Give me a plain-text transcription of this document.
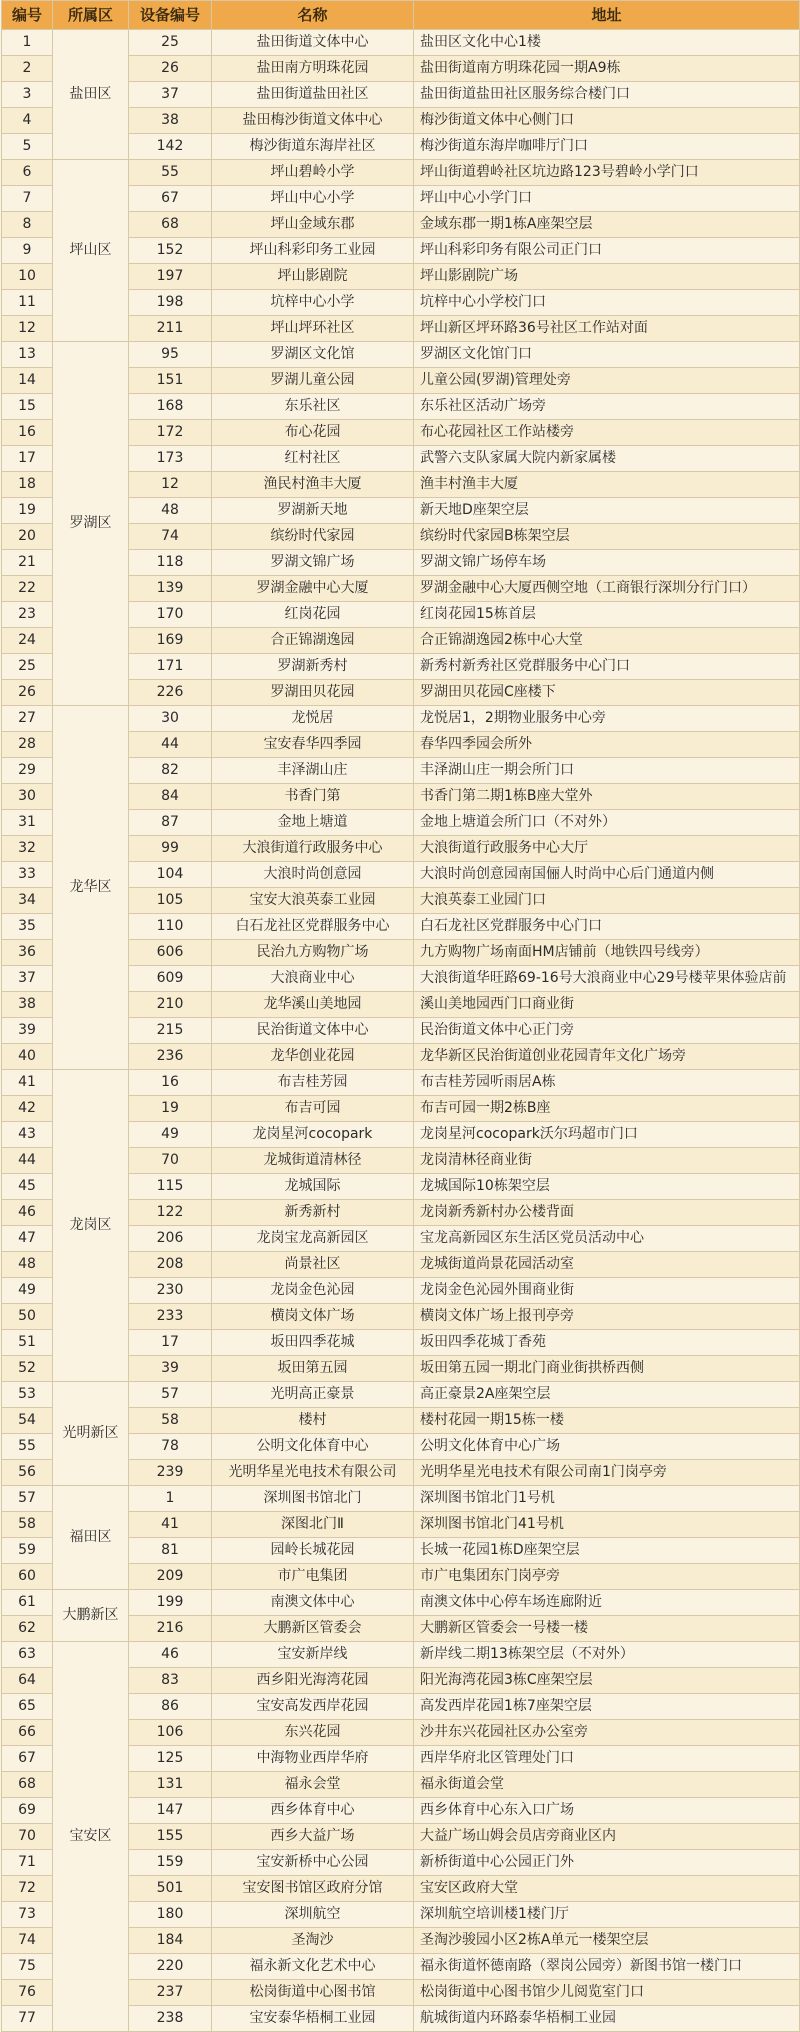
编号	所属区	设备编号	名称	地址
1	盐田区	25	盐田街道文体中心	盐田区文化中心1楼
2		26	盐田南方明珠花园	盐田街道南方明珠花园一期A9栋
3		37	盐田街道盐田社区	盐田街道盐田社区服务综合楼门口
4		38	盐田梅沙街道文体中心	梅沙街道文体中心侧门口
5		142	梅沙街道东海岸社区	梅沙街道东海岸咖啡厅门口
6	坪山区	55	坪山碧岭小学	坪山街道碧岭社区坑边路123号碧岭小学门口
7		67	坪山中心小学	坪山中心小学门口
8		68	坪山金域东郡	金域东郡一期1栋A座架空层
9		152	坪山科彩印务工业园	坪山科彩印务有限公司正门口
10		197	坪山影剧院	坪山影剧院广场
11		198	坑梓中心小学	坑梓中心小学校门口
12		211	坪山坪环社区	坪山新区坪环路36号社区工作站对面
13	罗湖区	95	罗湖区文化馆	罗湖区文化馆门口
14		151	罗湖儿童公园	儿童公园(罗湖)管理处旁
15		168	东乐社区	东乐社区活动广场旁
16		172	布心花园	布心花园社区工作站楼旁
17		173	红村社区	武警六支队家属大院内新家属楼
18		12	渔民村渔丰大厦	渔丰村渔丰大厦
19		48	罗湖新天地	新天地D座架空层
20		74	缤纷时代家园	缤纷时代家园B栋架空层
21		118	罗湖文锦广场	罗湖文锦广场停车场
22		139	罗湖金融中心大厦	罗湖金融中心大厦西侧空地（工商银行深圳分行门口）
23		170	红岗花园	红岗花园15栋首层
24		169	合正锦湖逸园	合正锦湖逸园2栋中心大堂
25		171	罗湖新秀村	新秀村新秀社区党群服务中心门口
26		226	罗湖田贝花园	罗湖田贝花园C座楼下
27	龙华区	30	龙悦居	龙悦居1，2期物业服务中心旁
28		44	宝安春华四季园	春华四季园会所外
29		82	丰泽湖山庄	丰泽湖山庄一期会所门口
30		84	书香门第	书香门第二期1栋B座大堂外
31		87	金地上塘道	金地上塘道会所门口（不对外）
32		99	大浪街道行政服务中心	大浪街道行政服务中心大厅
33		104	大浪时尚创意园	大浪时尚创意园南国俪人时尚中心后门通道内侧
34		105	宝安大浪英泰工业园	大浪英泰工业园门口
35		110	白石龙社区党群服务中心	白石龙社区党群服务中心门口
36		606	民治九方购物广场	九方购物广场南面HM店铺前（地铁四号线旁）
37		609	大浪商业中心	大浪街道华旺路69-16号大浪商业中心29号楼苹果体验店前
38		210	龙华溪山美地园	溪山美地园西门口商业街
39		215	民治街道文体中心	民治街道文体中心正门旁
40		236	龙华创业花园	龙华新区民治街道创业花园青年文化广场旁
41	龙岗区	16	布吉桂芳园	布吉桂芳园听雨居A栋
42		19	布吉可园	布吉可园一期2栋B座
43		49	龙岗星河cocopark	龙岗星河cocopark沃尔玛超市门口
44		70	龙城街道清林径	龙岗清林径商业街
45		115	龙城国际	龙城国际10栋架空层
46		122	新秀新村	龙岗新秀新村办公楼背面
47		206	龙岗宝龙高新园区	宝龙高新园区东生活区党员活动中心
48		208	尚景社区	龙城街道尚景花园活动室
49		230	龙岗金色沁园	龙岗金色沁园外围商业街
50		233	横岗文体广场	横岗文体广场上报刊亭旁
51		17	坂田四季花城	坂田四季花城丁香苑
52		39	坂田第五园	坂田第五园一期北门商业街拱桥西侧
53	光明新区	57	光明高正豪景	高正豪景2A座架空层
54		58	楼村	楼村花园一期15栋一楼
55		78	公明文化体育中心	公明文化体育中心广场
56		239	光明华星光电技术有限公司	光明华星光电技术有限公司南1门岗亭旁
57	福田区	1	深圳图书馆北门	深圳图书馆北门1号机
58		41	深图北门Ⅱ	深圳图书馆北门41号机
59		81	园岭长城花园	长城一花园1栋D座架空层
60		209	市广电集团	市广电集团东门岗亭旁
61	大鹏新区	199	南澳文体中心	南澳文体中心停车场连廊附近
62		216	大鹏新区管委会	大鹏新区管委会一号楼一楼
63	宝安区	46	宝安新岸线	新岸线二期13栋架空层（不对外）
64		83	西乡阳光海湾花园	阳光海湾花园3栋C座架空层
65		86	宝安高发西岸花园	高发西岸花园1栋7座架空层
66		106	东兴花园	沙井东兴花园社区办公室旁
67		125	中海物业西岸华府	西岸华府北区管理处门口
68		131	福永会堂	福永街道会堂
69		147	西乡体育中心	西乡体育中心东入口广场
70		155	西乡大益广场	大益广场山姆会员店旁商业区内
71		159	宝安新桥中心公园	新桥街道中心公园正门外
72		501	宝安图书馆区政府分馆	宝安区政府大堂
73		180	深圳航空	深圳航空培训楼1楼门厅
74		184	圣淘沙	圣淘沙骏园小区2栋A单元一楼架空层
75		220	福永新文化艺术中心	福永街道怀德南路（翠岗公园旁）新图书馆一楼门口
76		237	松岗街道中心图书馆	松岗街道中心图书馆少儿阅览室门口
77		238	宝安泰华梧桐工业园	航城街道内环路泰华梧桐工业园
